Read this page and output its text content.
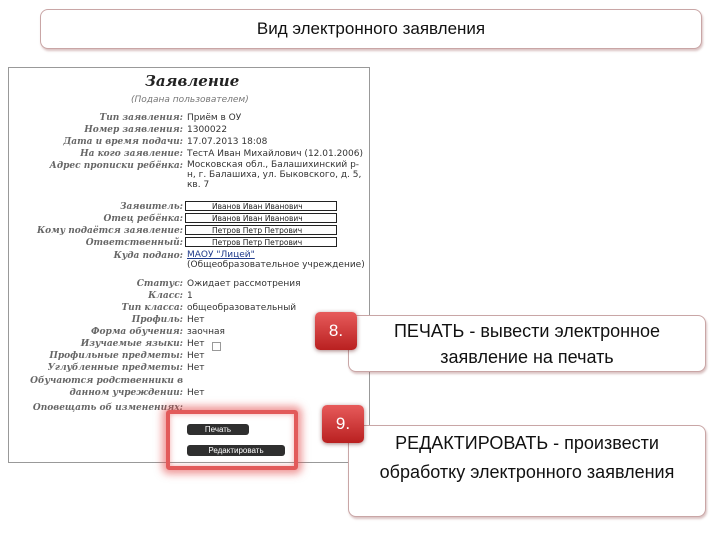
Вид электронного заявления
Заявление
(Подана пользователем)
Тип заявления: Приём в ОУ
Номер заявления: 1300022
Дата и время подачи: 17.07.2013 18:08
На кого заявление: ТестА Иван Михайлович (12.01.2006)
Адрес прописки ребёнка: Московская обл., Балашихинский р-н, г. Балашиха, ул. Быковского, д. 5, кв. 7
Заявитель:	Иванов Иван Иванович
Отец ребёнка:	Иванов Иван Иванович
Кому подаётся заявление:	Петров Петр Петрович
Ответственный:	Петров Петр Петрович
Куда подано: МАОУ "Лицей" (Общеобразовательное учреждение)
Статус: Ожидает рассмотрения
Класс: 1
Тип класса: общеобразовательный
Профиль: Нет
Форма обучения: заочная
Изучаемые языки: Нет
Профильные предметы: Нет
Углубленные предметы: Нет
Обучаются родственники в данном учреждении: Нет
Оповещать об изменениях:
Печать
Редактировать
ПЕЧАТЬ - вывести электронное заявление на печать
РЕДАКТИРОВАТЬ - произвести обработку электронного заявления
8.
9.
